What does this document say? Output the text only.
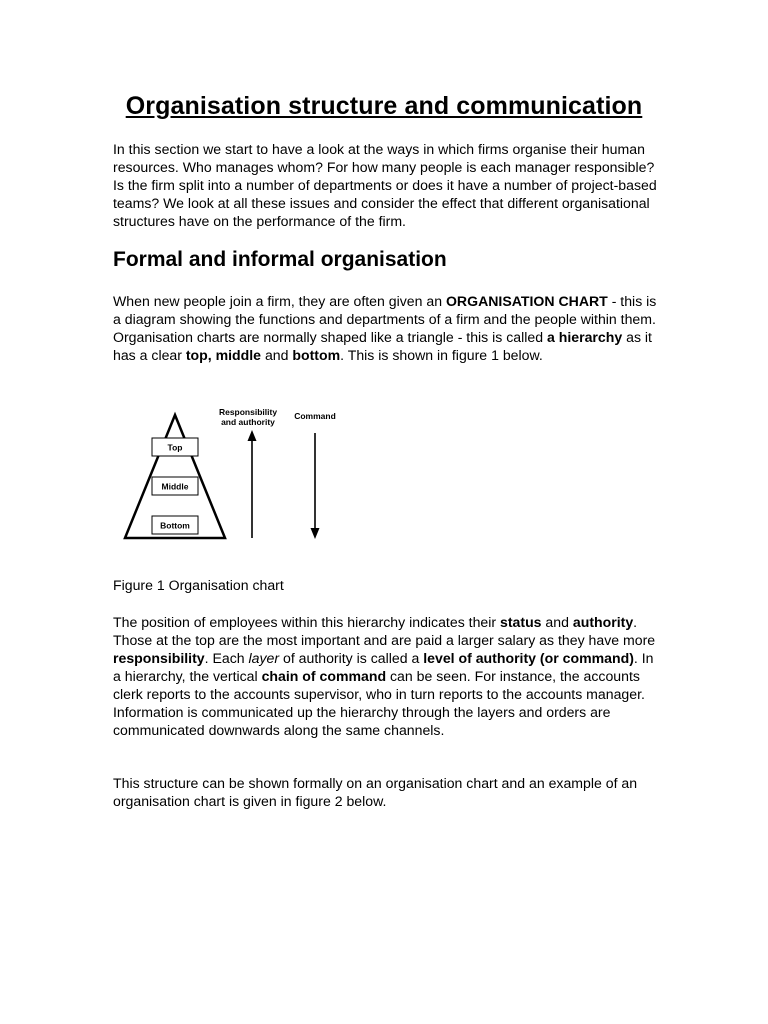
Organisation structure and communication

In this section we start to have a look at the ways in which firms organise their human resources. Who manages whom? For how many people is each manager responsible? Is the firm split into a number of departments or does it have a number of project-based teams? We look at all these issues and consider the effect that different organisational structures have on the performance of the firm.

Formal and informal organisation

When new people join a firm, they are often given an ORGANISATION CHART - this is a diagram showing the functions and departments of a firm and the people within them. Organisation charts are normally shaped like a triangle - this is called a hierarchy as it has a clear top, middle and bottom. This is shown in figure 1 below.

Top
Middle
Bottom
Responsibility
and authority
Command

Figure 1 Organisation chart

The position of employees within this hierarchy indicates their status and authority. Those at the top are the most important and are paid a larger salary as they have more responsibility. Each layer of authority is called a level of authority (or command). In a hierarchy, the vertical chain of command can be seen. For instance, the accounts clerk reports to the accounts supervisor, who in turn reports to the accounts manager. Information is communicated up the hierarchy through the layers and orders are communicated downwards along the same channels.

This structure can be shown formally on an organisation chart and an example of an organisation chart is given in figure 2 below.
